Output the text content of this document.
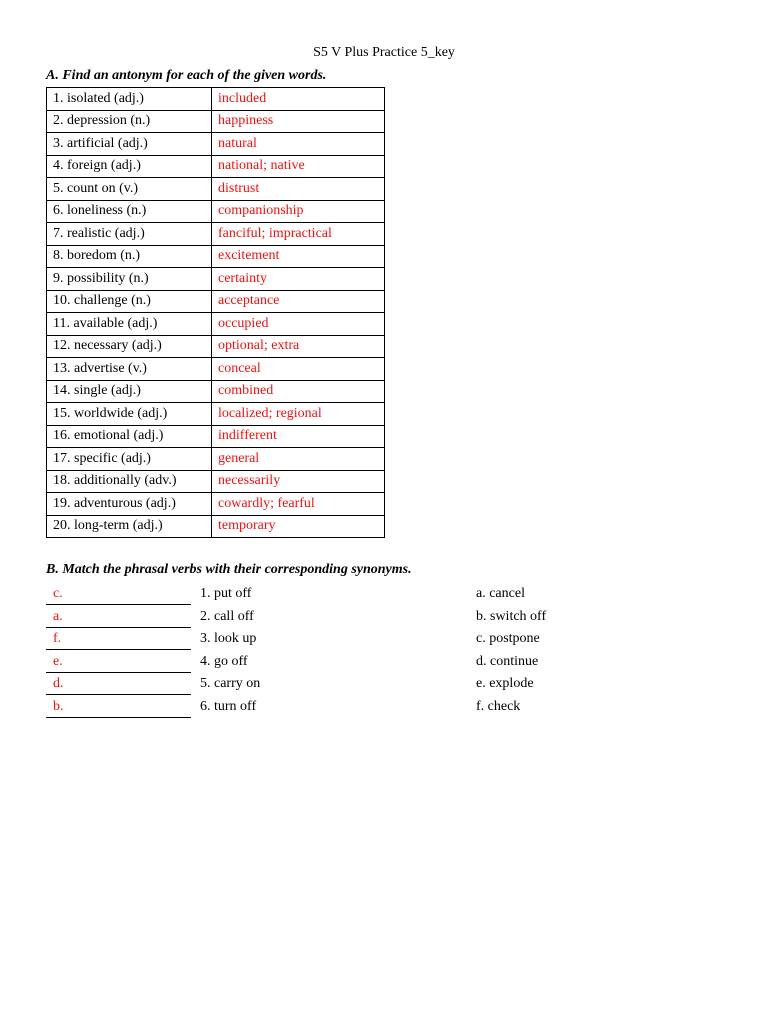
S5 V Plus Practice 5_key
A. Find an antonym for each of the given words.
1. isolated (adj.)	included
2. depression (n.)	happiness
3. artificial (adj.)	natural
4. foreign (adj.)	national; native
5. count on (v.)	distrust
6. loneliness (n.)	companionship
7. realistic (adj.)	fanciful; impractical
8. boredom (n.)	excitement
9. possibility (n.)	certainty
10. challenge (n.)	acceptance
11. available (adj.)	occupied
12. necessary (adj.)	optional; extra
13. advertise (v.)	conceal
14. single (adj.)	combined
15. worldwide (adj.)	localized; regional
16. emotional (adj.)	indifferent
17. specific (adj.)	general
18. additionally (adv.)	necessarily
19. adventurous (adj.)	cowardly; fearful
20. long-term (adj.)	temporary
B. Match the phrasal verbs with their corresponding synonyms.
c.	1. put off	a. cancel
a.	2. call off	b. switch off
f.	3. look up	c. postpone
e.	4. go off	d. continue
d.	5. carry on	e. explode
b.	6. turn off	f. check
